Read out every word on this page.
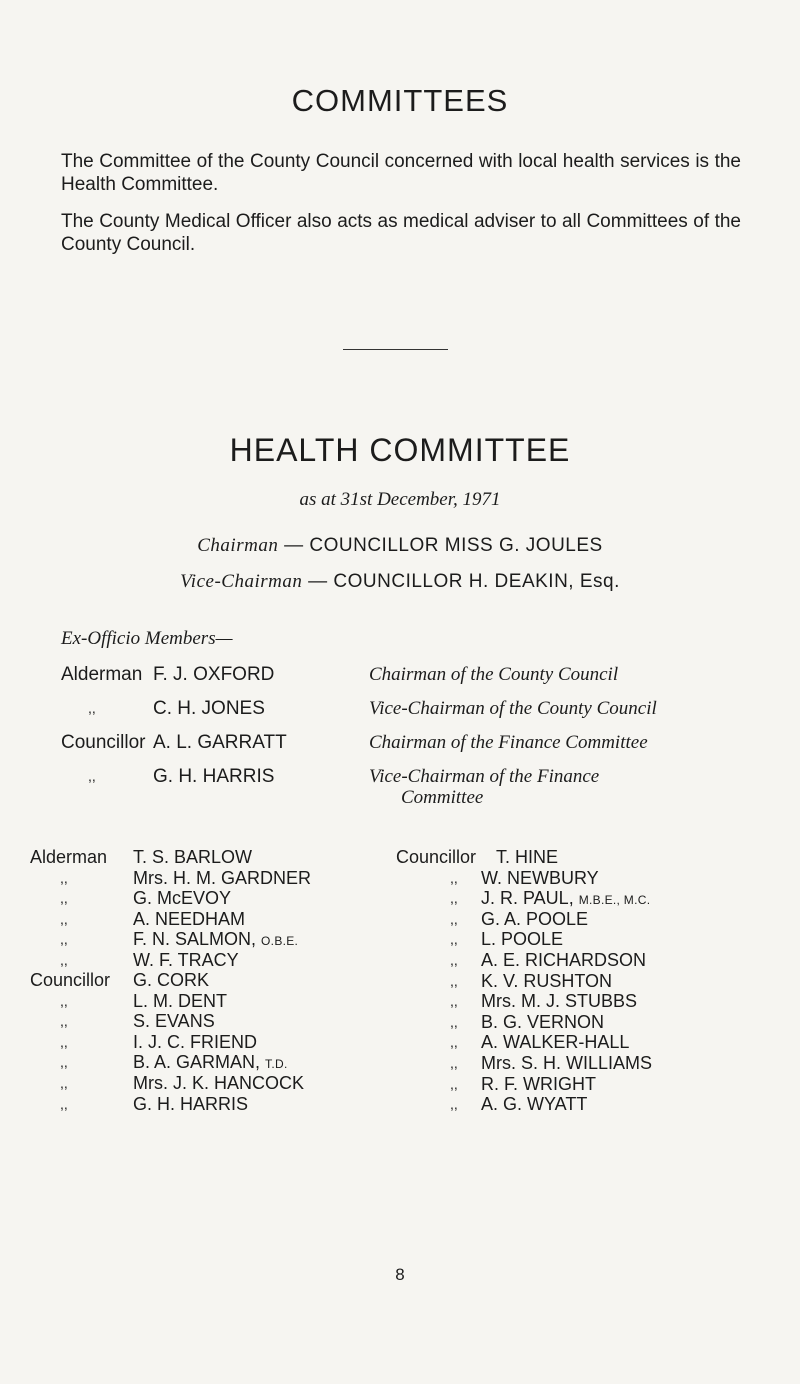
COMMITTEES
The Committee of the County Council concerned with local health services is the Health Committee.
The County Medical Officer also acts as medical adviser to all Committees of the County Council.
HEALTH COMMITTEE
as at 31st December, 1971
Chairman — COUNCILLOR MISS G. JOULES
Vice-Chairman — COUNCILLOR H. DEAKIN, Esq.
Ex-Officio Members—
Alderman F. J. OXFORD	Chairman of the County Council
,,	C. H. JONES	Vice-Chairman of the County Council
Councillor A. L. GARRATT	Chairman of the Finance Committee
,,	G. H. HARRIS	Vice-Chairman of the Finance
Committee
Alderman T. S. BARLOW
,,	Mrs. H. M. GARDNER
,,	G. McEVOY
,,	A. NEEDHAM
,,	F. N. SALMON, O.B.E.
,,	W. F. TRACY
Councillor G. CORK
,,	L. M. DENT
,,	S. EVANS
,,	I. J. C. FRIEND
,,	B. A. GARMAN, T.D.
,,	Mrs. J. K. HANCOCK
,,	G. H. HARRIS
Councillor T. HINE
,, W. NEWBURY
,, J. R. PAUL, M.B.E., M.C.
,, G. A. POOLE
,, L. POOLE
,, A. E. RICHARDSON
,, K. V. RUSHTON
,, Mrs. M. J. STUBBS
,, B. G. VERNON
,, A. WALKER-HALL
,, Mrs. S. H. WILLIAMS
,, R. F. WRIGHT
,, A. G. WYATT
8
